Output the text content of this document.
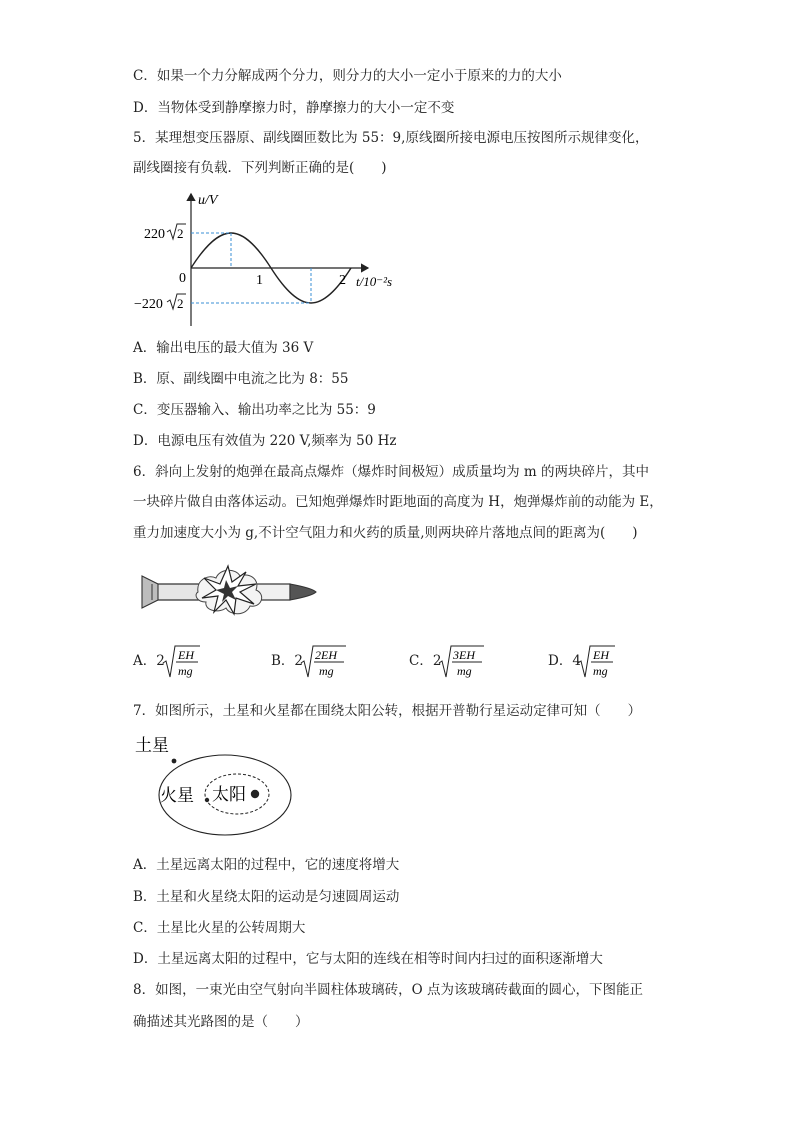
C．如果一个力分解成两个分力，则分力的大小一定小于原来的力的大小
D．当物体受到静摩擦力时，静摩擦力的大小一定不变
5．某理想变压器原、副线圈匝数比为 55：9,原线圈所接电源电压按图所示规律变化，
副线圈接有负载．下列判断正确的是(　　)
u/V
t/10⁻²s
0	1	2
220 2
−220 2
A．输出电压的最大值为 36 V
B．原、副线圈中电流之比为 8：55
C．变压器输入、输出功率之比为 55：9
D．电源电压有效值为 220 V,频率为 50 Hz
6．斜向上发射的炮弹在最高点爆炸（爆炸时间极短）成质量均为 m 的两块碎片，其中
一块碎片做自由落体运动。已知炮弹爆炸时距地面的高度为 H，炮弹爆炸前的动能为 E，
重力加速度大小为 g,不计空气阻力和火药的质量,则两块碎片落地点间的距离为(　　)
A．2 EH
mg
B．2 2EH
mg
C．2 3EH
mg
D．4 EH
mg
7．如图所示，土星和火星都在围绕太阳公转，根据开普勒行星运动定律可知（　　）
土星
火星 太阳
A．土星远离太阳的过程中，它的速度将增大
B．土星和火星绕太阳的运动是匀速圆周运动
C．土星比火星的公转周期大
D．土星远离太阳的过程中，它与太阳的连线在相等时间内扫过的面积逐渐增大
8．如图，一束光由空气射向半圆柱体玻璃砖，O 点为该玻璃砖截面的圆心，下图能正
确描述其光路图的是（　　）
